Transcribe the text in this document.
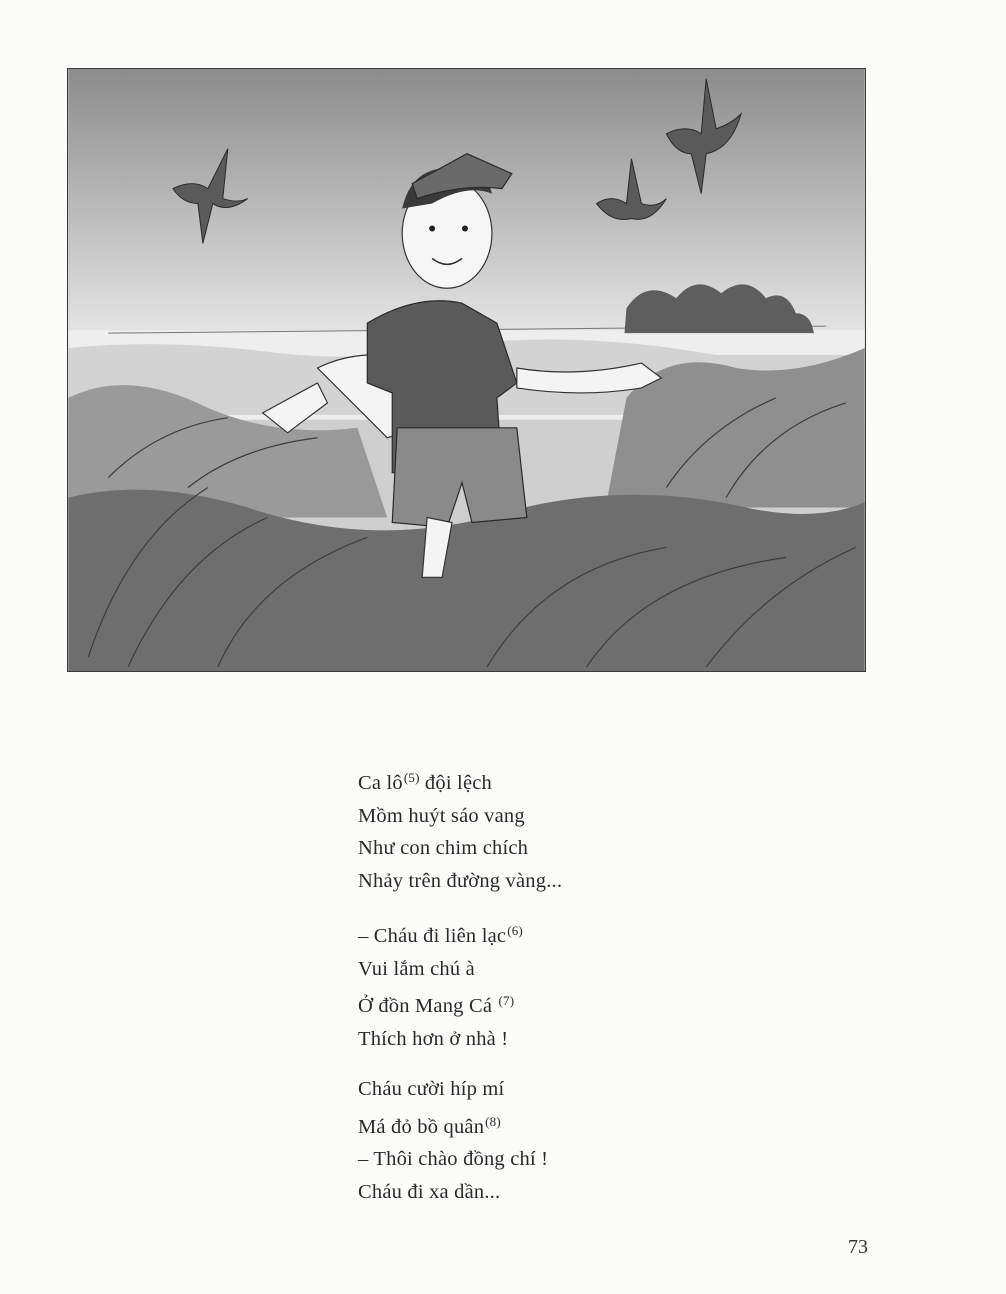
Ca lô$^{(5)}$ đội lệch
Mồm huýt sáo vang
Như con chim chích
Nhảy trên đường vàng...
– Cháu đi liên lạc$^{(6)}$
Vui lắm chú à
Ở đồn Mang Cá $^{(7)}$
Thích hơn ở nhà !
Cháu cười híp mí
Má đỏ bồ quân$^{(8)}$
– Thôi chào đồng chí !
Cháu đi xa dần...
73
